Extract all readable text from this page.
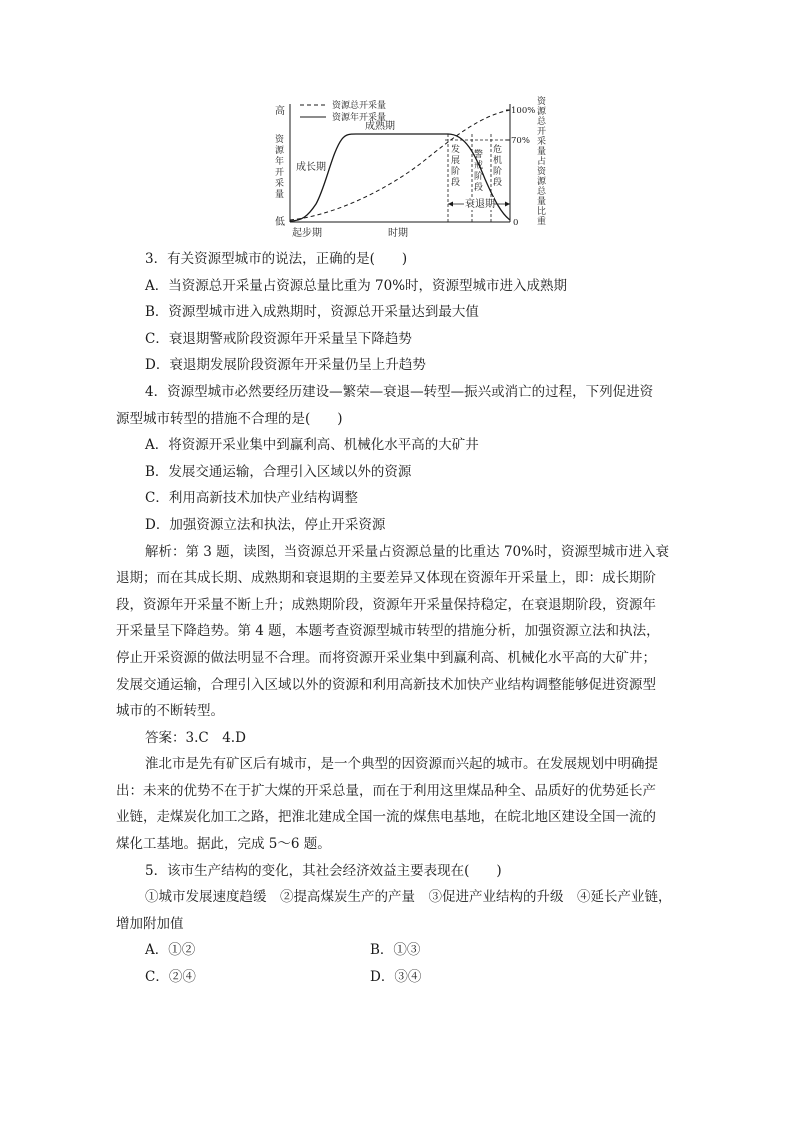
资源总开采量
资源年开采量
高
低
资
源
年
开
采
量
100%
70%
0
资
源
总
开
采
量
占
资
源
总
量
比
重
成熟期
成长期
发
展
阶
段
警
戒
阶
段
危
机
阶
段
衰退期
起步期	时期
3．有关资源型城市的说法，正确的是(　　)
A．当资源总开采量占资源总量比重为 70%时，资源型城市进入成熟期
B．资源型城市进入成熟期时，资源总开采量达到最大值
C．衰退期警戒阶段资源年开采量呈下降趋势
D．衰退期发展阶段资源年开采量仍呈上升趋势
4．资源型城市必然要经历建设—繁荣—衰退—转型—振兴或消亡的过程，下列促进资
源型城市转型的措施不合理的是(　　)
A．将资源开采业集中到赢利高、机械化水平高的大矿井
B．发展交通运输，合理引入区域以外的资源
C．利用高新技术加快产业结构调整
D．加强资源立法和执法，停止开采资源
解析：第 3 题，读图，当资源总开采量占资源总量的比重达 70%时，资源型城市进入衰
退期；而在其成长期、成熟期和衰退期的主要差异又体现在资源年开采量上，即：成长期阶
段，资源年开采量不断上升；成熟期阶段，资源年开采量保持稳定，在衰退期阶段，资源年
开采量呈下降趋势。第 4 题，本题考查资源型城市转型的措施分析，加强资源立法和执法，
停止开采资源的做法明显不合理。而将资源开采业集中到赢利高、机械化水平高的大矿井；
发展交通运输，合理引入区域以外的资源和利用高新技术加快产业结构调整能够促进资源型
城市的不断转型。
答案：3.C　4.D
淮北市是先有矿区后有城市，是一个典型的因资源而兴起的城市。在发展规划中明确提
出：未来的优势不在于扩大煤的开采总量，而在于利用这里煤品种全、品质好的优势延长产
业链，走煤炭化加工之路，把淮北建成全国一流的煤焦电基地，在皖北地区建设全国一流的
煤化工基地。据此，完成 5～6 题。
5．该市生产结构的变化，其社会经济效益主要表现在(　　)
①城市发展速度趋缓　②提高煤炭生产的产量　③促进产业结构的升级　④延长产业链，
增加附加值
A．①②	B．①③
C．②④	D．③④
